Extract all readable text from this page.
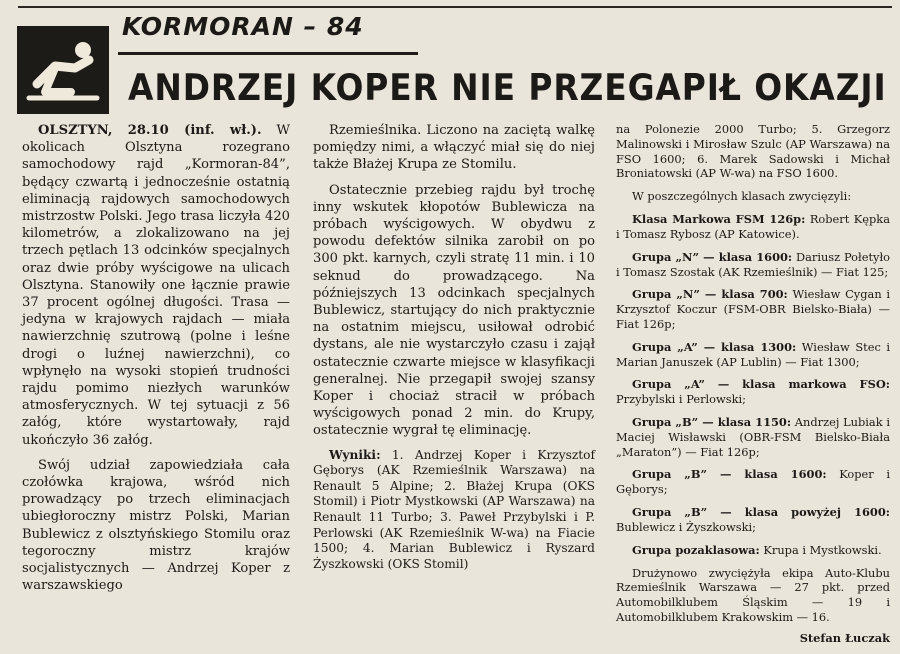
KORMORAN – 84
ANDRZEJ KOPER NIE PRZEGAPIŁ OKAZJI

OLSZTYN, 28.10 (inf. wł.). W okolicach Olsztyna rozegrano samochodowy rajd „Kormoran-84”, będący czwartą i jednocześnie ostatnią eliminacją rajdowych samochodowych mistrzostw Polski. Jego trasa liczyła 420 kilometrów, a zlokalizowano na jej trzech pętlach 13 odcinków specjalnych oraz dwie próby wyścigowe na ulicach Olsztyna. Stanowiły one łącznie prawie 37 procent ogólnej długości. Trasa — jedyna w krajowych rajdach — miała nawierzchnię szutrową (polne i leśne drogi o luźnej nawierzchni), co wpłynęło na wysoki stopień trudności rajdu pomimo niezłych warunków atmosferycznych. W tej sytuacji z 56 załóg, które wystartowały, rajd ukończyło 36 załóg.

Swój udział zapowiedziała cała czołówka krajowa, wśród nich prowadzący po trzech eliminacjach ubiegłoroczny mistrz Polski, Marian Bublewicz z olsztyńskiego Stomilu oraz tegoroczny mistrz krajów socjalistycznych — Andrzej Koper z warszawskiego

Rzemieślnika. Liczono na zaciętą walkę pomiędzy nimi, a włączyć miał się do niej także Błażej Krupa ze Stomilu.

Ostatecznie przebieg rajdu był trochę inny wskutek kłopotów Bublewicza na próbach wyścigowych. W obydwu z powodu defektów silnika zarobił on po 300 pkt. karnych, czyli stratę 11 min. i 10 seknud do prowadzącego. Na późniejszych 13 odcinkach specjalnych Bublewicz, startujący do nich praktycznie na ostatnim miejscu, usiłował odrobić dystans, ale nie wystarczyło czasu i zajął ostatecznie czwarte miejsce w klasyfikacji generalnej. Nie przegapił swojej szansy Koper i chociaż stracił w próbach wyścigowych ponad 2 min. do Krupy, ostatecznie wygrał tę eliminację.

Wyniki: 1. Andrzej Koper i Krzysztof Gęborys (AK Rzemieślnik Warszawa) na Renault 5 Alpine; 2. Błażej Krupa (OKS Stomil) i Piotr Mystkowski (AP Warszawa) na Renault 11 Turbo; 3. Paweł Przybylski i P. Perlowski (AK Rzemieślnik W-wa) na Fiacie 1500; 4. Marian Bublewicz i Ryszard Żyszkowski (OKS Stomil)

na Polonezie 2000 Turbo; 5. Grzegorz Malinowski i Mirosław Szulc (AP Warszawa) na FSO 1600; 6. Marek Sadowski i Michał Broniatowski (AP W-wa) na FSO 1600.

W poszczególnych klasach zwycięzyli:

Klasa Markowa FSM 126p: Robert Kępka i Tomasz Rybosz (AP Katowice).

Grupa „N” — klasa 1600: Dariusz Połetyło i Tomasz Szostak (AK Rzemieślnik) — Fiat 125;

Grupa „N” — klasa 700: Wiesław Cygan i Krzysztof Koczur (FSM-OBR Bielsko-Biała) — Fiat 126p;

Grupa „A” — klasa 1300: Wiesław Stec i Marian Januszek (AP Lublin) — Fiat 1300;

Grupa „A” — klasa markowa FSO: Przybylski i Perlowski;

Grupa „B” — klasa 1150: Andrzej Lubiak i Maciej Wisławski (OBR-FSM Bielsko-Biała „Maraton”) — Fiat 126p;

Grupa „B” — klasa 1600: Koper i Gęborys;

Grupa „B” — klasa powyżej 1600: Bublewicz i Żyszkowski;

Grupa pozaklasowa: Krupa i Mystkowski.

Drużynowo zwyciężyła ekipa Auto-Klubu Rzemieślnik Warszawa — 27 pkt. przed Automobilklubem Śląskim — 19 i Automobilklubem Krakowskim — 16.

Stefan Łuczak
